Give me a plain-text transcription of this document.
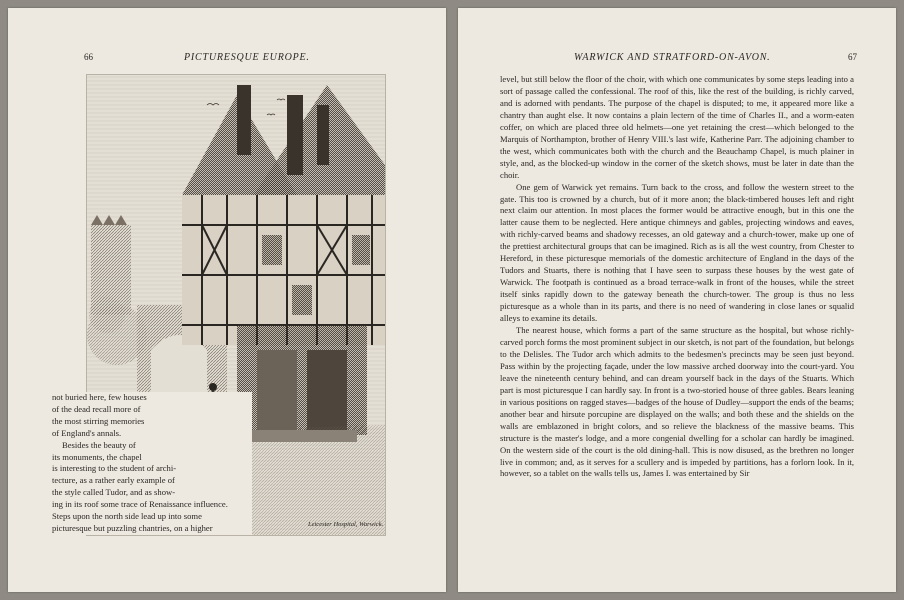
66	PICTURESQUE EUROPE.
Leicester Hospital, Warwick.
not buried here, few houses
of the dead recall more of
the most stirring memories
of England's annals.
Besides the beauty of
its monuments, the chapel
is interesting to the student of archi-
tecture, as a rather early example of
the style called Tudor, and as show-
ing in its roof some trace of Renaissance influence.
Steps upon the north side lead up into some
picturesque but puzzling chantries, on a higher
WARWICK AND STRATFORD-ON-AVON.	67

level, but still below the floor of the choir, with which one communicates by some steps leading into a sort of passage called the confessional. The roof of this, like the rest of the building, is richly carved, and is adorned with pendants. The purpose of the chapel is disputed; to me, it appeared more like a chantry than aught else. It now contains a plain lectern of the time of Charles II., and a worm-eaten coffer, on which are placed three old helmets—one yet retaining the crest—which belonged to the Marquis of Northampton, brother of Henry VIII.'s last wife, Katherine Parr. The adjoining chamber to the west, which communicates both with the church and the Beauchamp Chapel, is much plainer in style, and, as the blocked-up window in the corner of the sketch shows, must be later in date than the choir.

One gem of Warwick yet remains. Turn back to the cross, and follow the western street to the gate. This too is crowned by a church, but of it more anon; the black-timbered houses left and right next claim our attention. In most places the former would be attractive enough, but in this one the latter cause them to be neglected. Here antique chimneys and gables, projecting windows and eaves, with richly-carved beams and shadowy recesses, an old gateway and a church-tower, make up one of the prettiest architectural groups that can be imagined. Rich as is all the west country, from Chester to Hereford, in these picturesque memorials of the domestic architecture of England in the days of the Tudors and Stuarts, there is nothing that I have seen to surpass these houses by the west gate of Warwick. The footpath is continued as a broad terrace-walk in front of the houses, while the street itself sinks rapidly down to the gateway beneath the church-tower. The group is thus no less picturesque as a whole than in its parts, and there is no need of wandering in close lanes or squalid alleys to examine its details.

The nearest house, which forms a part of the same structure as the hospital, but whose richly-carved porch forms the most prominent subject in our sketch, is not part of the foundation, but belongs to the Delisles. The Tudor arch which admits to the bedesmen's precincts may be seen just beyond. Pass within by the projecting façade, under the low massive arched doorway into the court-yard. You leave the nineteenth century behind, and can dream yourself back in the days of the Stuarts. Which part is most picturesque I can hardly say. In front is a two-storied house of three gables. Bears leaning in various positions on ragged staves—badges of the house of Dudley—support the ends of the beams; another bear and hirsute porcupine are displayed on the walls; and both these and the shields on the walls are emblazoned in bright colors, and so relieve the blackness of the massive beams. This structure is the master's lodge, and a more congenial dwelling for a scholar can hardly be imagined. On the western side of the court is the old dining-hall. This is now disused, as the brethren no longer live in common; and, as it serves for a scullery and is impeded by partitions, has a forlorn look. In it, however, so a tablet on the walls tells us, James I. was entertained by Sir
